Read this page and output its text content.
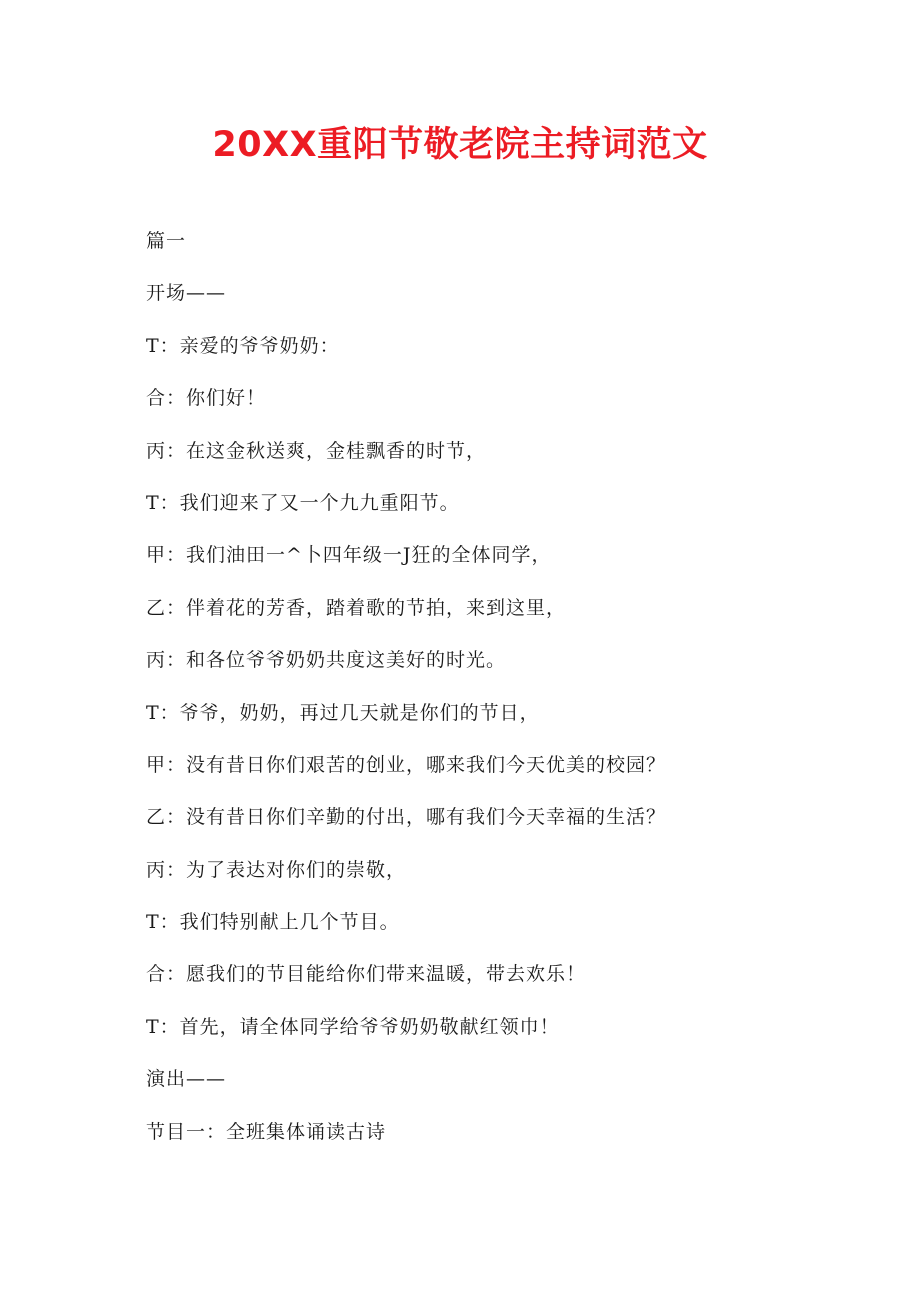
20XX重阳节敬老院主持词范文
篇一
开场——
T：亲爱的爷爷奶奶：
合：你们好！
丙：在这金秋送爽，金桂飘香的时节，
T：我们迎来了又一个九九重阳节。
甲：我们油田一^卜四年级一J狂的全体同学，
乙：伴着花的芳香，踏着歌的节拍，来到这里，
丙：和各位爷爷奶奶共度这美好的时光。
T：爷爷，奶奶，再过几天就是你们的节日，
甲：没有昔日你们艰苦的创业，哪来我们今天优美的校园？
乙：没有昔日你们辛勤的付出，哪有我们今天幸福的生活？
丙：为了表达对你们的崇敬，
T：我们特别献上几个节目。
合：愿我们的节目能给你们带来温暖，带去欢乐！
T：首先，请全体同学给爷爷奶奶敬献红领巾！
演出——
节目一：全班集体诵读古诗
